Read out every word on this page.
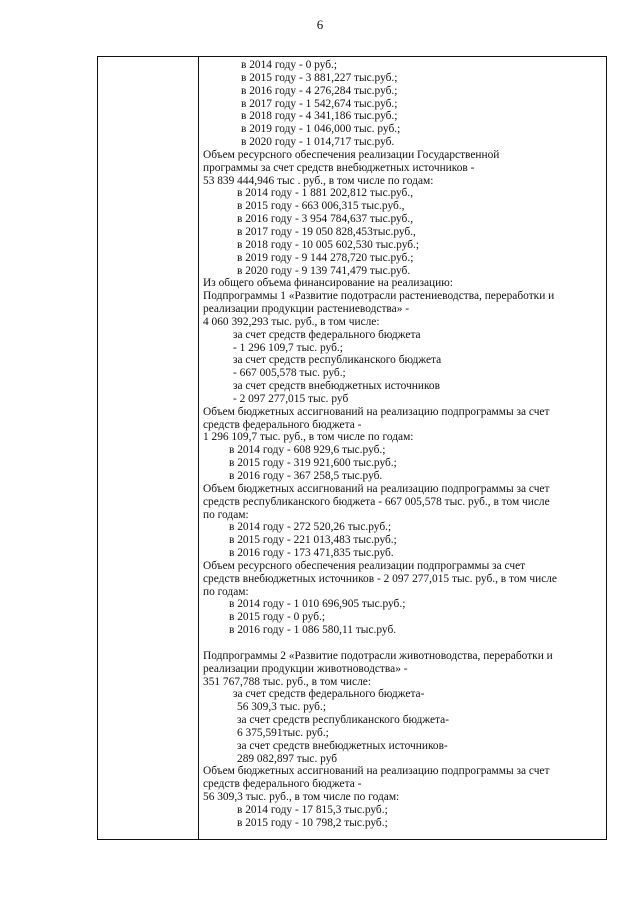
6
в 2014 году - 0 руб.;
в 2015 году - 3 881,227 тыс.руб.;
в 2016 году - 4 276,284 тыс.руб.;
в 2017 году - 1 542,674 тыс.руб.;
в 2018 году - 4 341,186 тыс.руб.;
в 2019 году - 1 046,000 тыс. руб.;
в 2020 году - 1 014,717 тыс.руб.
Объем ресурсного обеспечения реализации Государственной
программы за счет средств внебюджетных источников -
53 839 444,946 тыс . руб., в том числе по годам:
в 2014 году - 1 881 202,812 тыс.руб.,
в 2015 году - 663 006,315 тыс.руб.,
в 2016 году - 3 954 784,637 тыс.руб.,
в 2017 году - 19 050 828,453тыс.руб.,
в 2018 году - 10 005 602,530 тыс.руб.;
в 2019 году - 9 144 278,720 тыс.руб.;
в 2020 году - 9 139 741,479 тыс.руб.
Из общего объема финансирование на реализацию:
Подпрограммы 1 «Развитие подотрасли растениеводства, переработки и
реализации продукции растениеводства» -
4 060 392,293 тыс. руб., в том числе:
за счет средств федерального бюджета
- 1 296 109,7 тыс. руб.;
за счет средств республиканского бюджета
- 667 005,578 тыс. руб.;
за счет средств внебюджетных источников
- 2 097 277,015 тыс. руб
Объем бюджетных ассигнований на реализацию подпрограммы за счет
средств федерального бюджета -
1 296 109,7 тыс. руб., в том числе по годам:
в 2014 году - 608 929,6 тыс.руб.;
в 2015 году - 319 921,600 тыс.руб.;
в 2016 году - 367 258,5 тыс.руб.
Объем бюджетных ассигнований на реализацию подпрограммы за счет
средств республиканского бюджета - 667 005,578 тыс. руб., в том числе
по годам:
в 2014 году - 272 520,26 тыс.руб.;
в 2015 году - 221 013,483 тыс.руб.;
в 2016 году - 173 471,835 тыс.руб.
Объем ресурсного обеспечения реализации подпрограммы за счет
средств внебюджетных источников - 2 097 277,015 тыс. руб., в том числе
по годам:
в 2014 году - 1 010 696,905 тыс.руб.;
в 2015 году - 0 руб.;
в 2016 году - 1 086 580,11 тыс.руб.
Подпрограммы 2 «Развитие подотрасли животноводства, переработки и
реализации продукции животноводства» -
351 767,788 тыс. руб., в том числе:
за счет средств федерального бюджета-
56 309,3 тыс. руб.;
за счет средств республиканского бюджета-
6 375,591тыс. руб.;
за счет средств внебюджетных источников-
289 082,897 тыс. руб
Объем бюджетных ассигнований на реализацию подпрограммы за счет
средств федерального бюджета -
56 309,3 тыс. руб., в том числе по годам:
в 2014 году - 17 815,3 тыс.руб.;
в 2015 году - 10 798,2 тыс.руб.;
